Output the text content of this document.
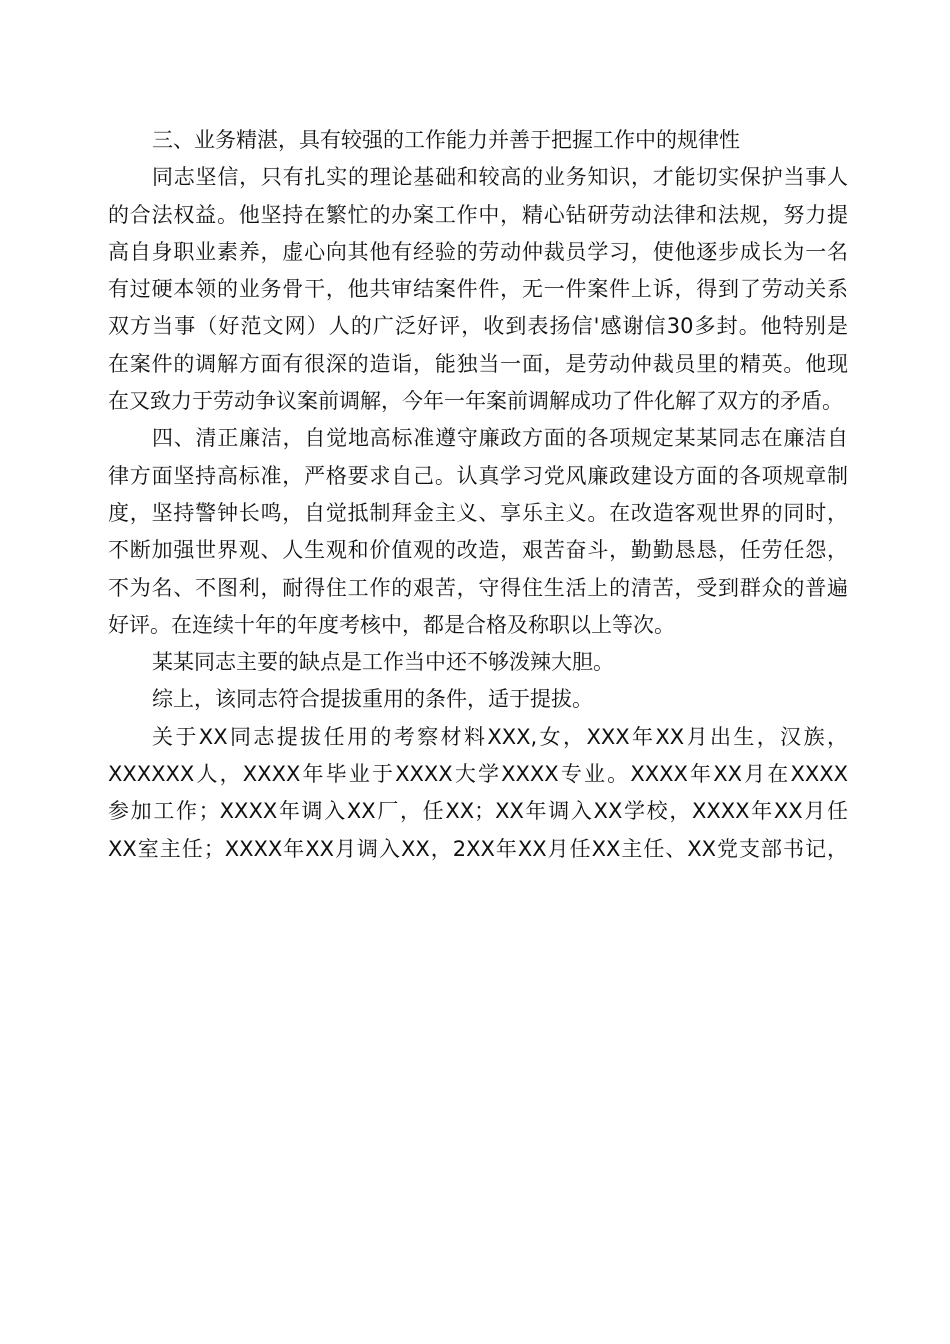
三、业务精湛，具有较强的工作能力并善于把握工作中的规律性
同志坚信，只有扎实的理论基础和较高的业务知识，才能切实保护当事人
的合法权益。他坚持在繁忙的办案工作中，精心钻研劳动法律和法规，努力提
高自身职业素养，虚心向其他有经验的劳动仲裁员学习，使他逐步成长为一名
有过硬本领的业务骨干，他共审结案件件，无一件案件上诉，得到了劳动关系
双方当事（好范文网）人的广泛好评，收到表扬信'感谢信30多封。他特别是
在案件的调解方面有很深的造诣，能独当一面，是劳动仲裁员里的精英。他现
在又致力于劳动争议案前调解，今年一年案前调解成功了件化解了双方的矛盾。
四、清正廉洁，自觉地高标准遵守廉政方面的各项规定某某同志在廉洁自
律方面坚持高标准，严格要求自己。认真学习党风廉政建设方面的各项规章制
度，坚持警钟长鸣，自觉抵制拜金主义、享乐主义。在改造客观世界的同时，
不断加强世界观、人生观和价值观的改造，艰苦奋斗，勤勤恳恳，任劳任怨，
不为名、不图利，耐得住工作的艰苦，守得住生活上的清苦，受到群众的普遍
好评。在连续十年的年度考核中，都是合格及称职以上等次。
某某同志主要的缺点是工作当中还不够泼辣大胆。
综上，该同志符合提拔重用的条件，适于提拔。
关于XX同志提拔任用的考察材料XXX,女，XXX年XX月出生，汉族，
XXXXXX人，XXXX年毕业于XXXX大学XXXX专业。XXXX年XX月在XXXX
参加工作；XXXX年调入XX厂，任XX；XX年调入XX学校，XXXX年XX月任
XX室主任；XXXX年XX月调入XX，2XX年XX月任XX主任、XX党支部书记，
